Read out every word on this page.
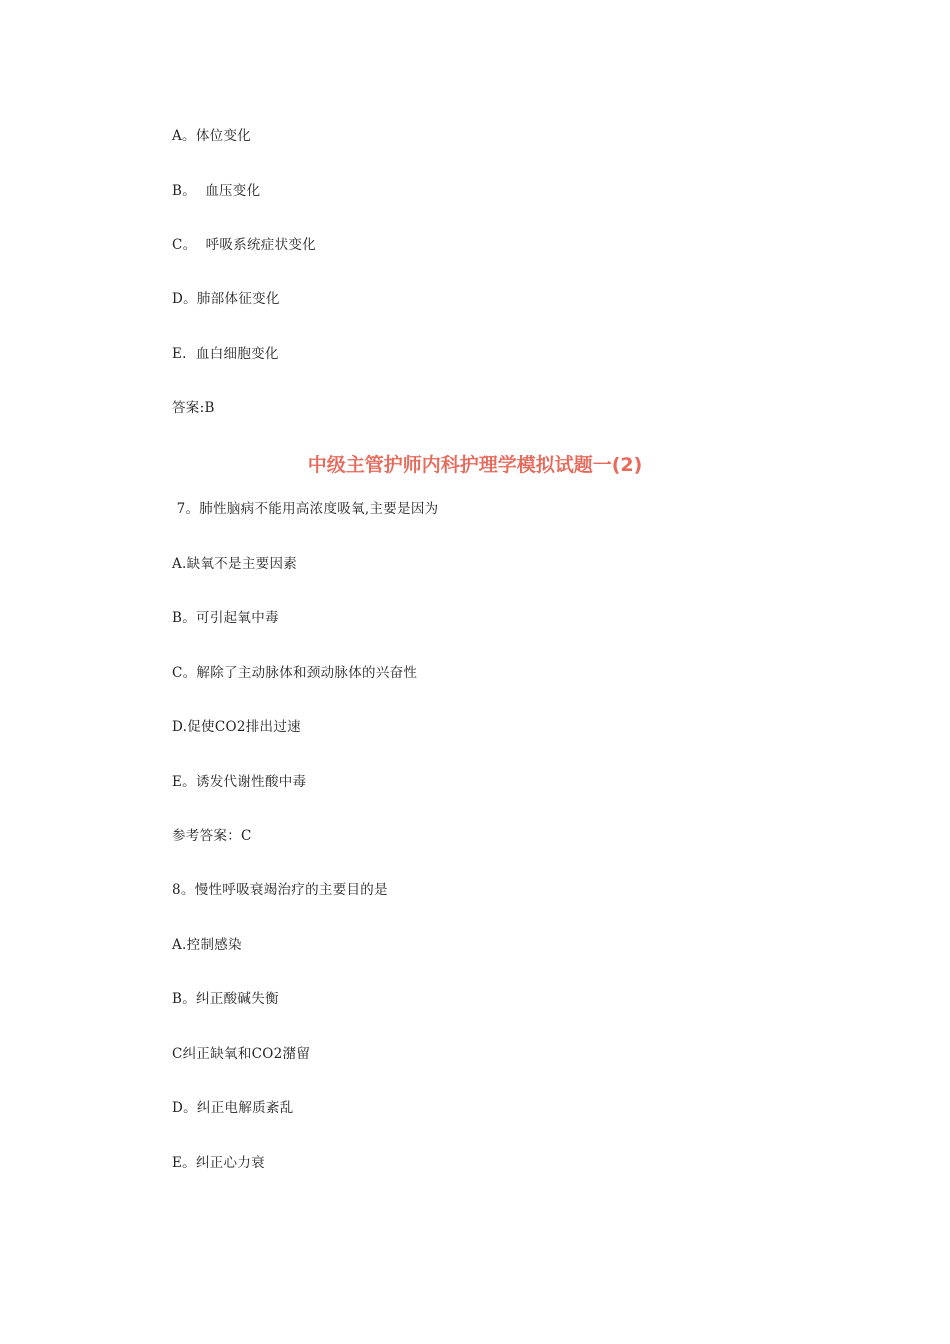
A。体位变化
B。  血压变化
C。  呼吸系统症状变化
D。肺部体征变化
E.  血白细胞变化
答案:B
中级主管护师内科护理学模拟试题一(2)
7。肺性脑病不能用高浓度吸氧,主要是因为
A.缺氧不是主要因素
B。可引起氧中毒
C。解除了主动脉体和颈动脉体的兴奋性
D.促使CO2排出过速
E。诱发代谢性酸中毒
参考答案：C
8。慢性呼吸衰竭治疗的主要目的是
A.控制感染
B。纠正酸碱失衡
C纠正缺氧和CO2潴留
D。纠正电解质紊乱
E。纠正心力衰
